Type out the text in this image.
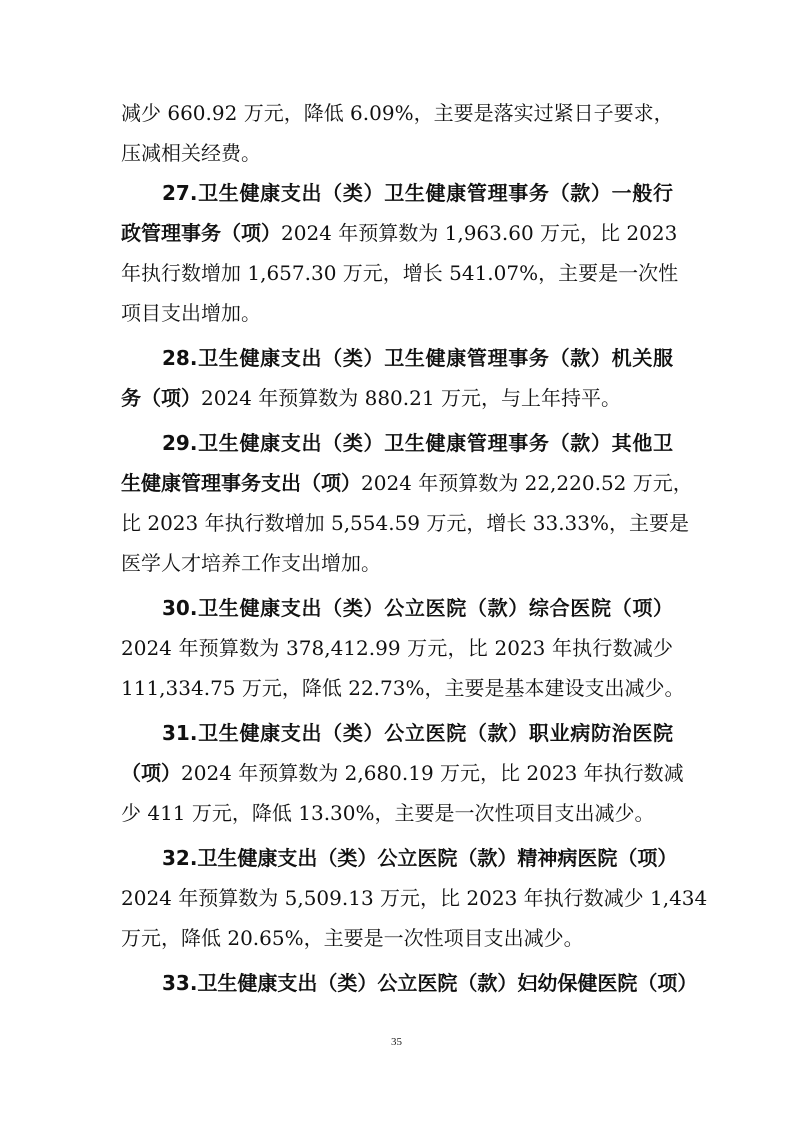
减少 660.92 万元，降低 6.09%，主要是落实过紧日子要求，
压减相关经费。
27.卫生健康支出（类）卫生健康管理事务（款）一般行
政管理事务（项）2024 年预算数为 1,963.60 万元，比 2023
年执行数增加 1,657.30 万元，增长 541.07%，主要是一次性
项目支出增加。
28.卫生健康支出（类）卫生健康管理事务（款）机关服
务（项）2024 年预算数为 880.21 万元，与上年持平。
29.卫生健康支出（类）卫生健康管理事务（款）其他卫
生健康管理事务支出（项）2024 年预算数为 22,220.52 万元，
比 2023 年执行数增加 5,554.59 万元，增长 33.33%，主要是
医学人才培养工作支出增加。
30.卫生健康支出（类）公立医院（款）综合医院（项）
2024 年预算数为 378,412.99 万元，比 2023 年执行数减少
111,334.75 万元，降低 22.73%，主要是基本建设支出减少。
31.卫生健康支出（类）公立医院（款）职业病防治医院
（项）2024 年预算数为 2,680.19 万元，比 2023 年执行数减
少 411 万元，降低 13.30%，主要是一次性项目支出减少。
32.卫生健康支出（类）公立医院（款）精神病医院（项）
2024 年预算数为 5,509.13 万元，比 2023 年执行数减少 1,434
万元，降低 20.65%，主要是一次性项目支出减少。
33.卫生健康支出（类）公立医院（款）妇幼保健医院（项）
35
